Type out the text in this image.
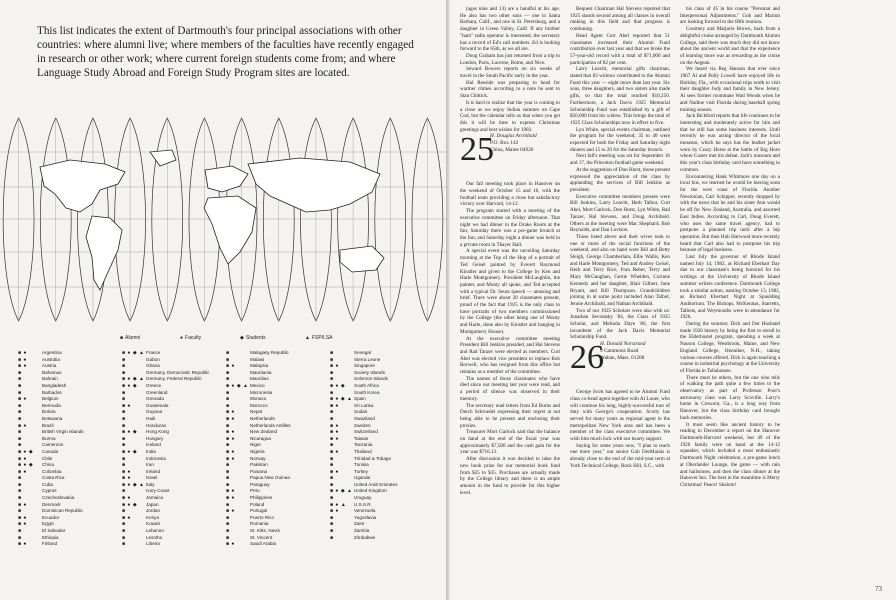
This list indicates the extent of Dartmouth's four principal associations with other countries: where alumni live; where members of the faculties have recently engaged in research or other work; where current foreign students come from; and where Language Study Abroad and Foreign Study Program sites are located.
■ Alumni	● Faculty	◆ Students	▲ FSP/LSA
■ ●	Argentina
■ ●	Australia
■ ●	Austria
■	Bahamas
■	Bahrain
■	Bangladesh
■	Barbados
■ ●	Belgium
■	Bermuda
■	Bolivia
■	Botswana
■ ●	Brazil
■	British Virgin Islands
■	Burma
■	Cameroon
■ ● ◆	Canada
■ ●	Chile
■ ● ◆	China
■ ●	Colombia
■	Costa Rica
■	Cuba
■	Cyprus
■	Czechoslovakia
■ ●	Denmark
■	Dominican Republic
■ ●	Ecuador
■ ●	Egypt
■	El Salvador
■	Ethiopia
■ ●	Finland
■ ● ◆ ▲ France
■	Gabon
■	Ghana
■	Germany, Democratic Republic
■ ● ◆ ▲ Germany, Federal Republic
■ ● ◆	Greece
■	Greenland
■	Grenada
■ ●	Guatemala
■	Guyana
■	Haiti
■	Honduras
■ ● ◆	Hong Kong
■	Hungary
■	Iceland
■ ● ◆	India
■	Indonesia
■	Iran
■ ●	Ireland
■ ●	Israel
■ ● ◆ ▲ Italy
■	Ivory Coast
■ ●	Jamaica
■ ● ◆	Japan
■	Jordan
■ ●	Kenya
■	Kuwait
■	Lebanon
■	Lesotho
■	Liberia
■	Malagasy Republic
■	Malawi
■ ●	Malaysia
■	Mauritania
■	Mauritius
■ ● ◆ ▲ Mexico
■	Micronesia
■	Monaco
■	Morocco
■ ●	Nepal
■ ●	Netherlands
■	Netherlands Antilles
■ ●	New Zealand
■ ●	Nicaragua
■	Niger
■ ●	Nigeria
■ ●	Norway
■	Pakistan
■	Panama
■	Papua New Guinea
■	Paraguay
■ ●	Peru
■ ●	Philippines
■	Poland
■ ●	Portugal
■	Puerto Rico
■	Rumania
■	St. Kitts, Nevis
■	St. Vincent
■ ●	Saudi Arabia
■	Senegal
■	Sierra Leone
■ ●	Singapore
■	Society Islands
■	Solomon Islands
■ ● ◆	South Africa
■	South Korea
■ ● ◆ ▲ Spain
■ ●	Sri Lanka
■	Sudan
■	Swaziland
■ ●	Sweden
■ ●	Switzerland
■ ●	Taiwan
■	Tanzania
■ ●	Thailand
■	Trinidad & Tobago
■	Tunisia
■ ●	Turkey
■	Uganda
■	United Arab Emirates
■ ● ◆ ▲ United Kingdom
■	Uruguay
■ ● ▲	U.S.S.R.
■ ●	Venezuela
■	Yugoslavia
■	Zaire
■	Zambia
■	Zimbabwe

(ages nine and 13) are a handful at his age. He also has two other sons — one in Santa Barbara, Calif., and one in St. Petersburg, and a daughter in Green Valley, Calif. If any brother "ham" radio operator is interested, the secretary has a record of Ed's call numbers. Ed is looking forward to the 65th, as we all are.

Doug Graham has just returned from a trip to London, Paris, Lucerne, Rome, and Nice.

Seward Bowers reports on six weeks of travel in the South Pacific early in the year.

Hal Reeside was preparing to head for warmer climes according to a note he sent to Stan Chittick.

It is hard to realize that the year is coming to a close as we enjoy Indian summer on Cape Cod, but the calendar tells us that when you get this it will be time to express Christmas greetings and best wishes for 1983.

25
H. Douglas Archibald
P.O. Box 142
China, Maine 04926

Our fall meeting took place in Hanover on the weekend of October 15 and 16, with the football team providing a close but satisfactory victory over Harvard, 14-12.

The program started with a meeting of the executive committee on Friday afternoon. That night we had dinner in the Drake Room at the Inn; Saturday there was a pre-game brunch at the Inn; and Saturday night a dinner was held in a private room in Thayer Hall.

A special event was the unveiling Saturday morning at the Top of the Hop of a portrait of Ted Geisel painted by Everett Raymond Kinstler and given to the College by Ken and Harle Montgomery. President McLaughlin, the painter, and Monty all spoke, and Ted accepted with a typical Dr. Seuss speech — amusing and brief. There were about 20 classmates present, proud of the fact that 1925 is the only class to have portraits of two members commissioned by the College (the other being one of Monty and Harle, done also by Kinstler and hanging in Montgomery House).

At the executive committee meeting President Bill Jenkins presided, and Hal Stevens and Rad Tanzer were elected as members. Curt Abel was elected vice president to replace Bob Borwell, who has resigned from this office but remains as a member of the committee.

The names of those classmates who have died since our meeting last year were read, and a period of silence was observed in their memory.

The secretary read letters from Ed Burns and Dutch Schroedel expressing their regret at not being able to be present and enclosing their proxies.

Treasurer Mort Garlock said that the balance on hand at the end of the fiscal year was approximately $7,500 and the cash gain for the year was $716.13.

After discussion it was decided to raise the new book prize for our memorial book fund from $25 to $35. Purchases are actually made by the College library and there is an ample amount in the fund to provide for this higher level.

Bequest Chairman Hal Stevens reported that 1925 stands second among all classes in overall ranking in this field and that progress is continuing.

Head Agent Curt Abel reported that 51 classmates increased their Alumni Fund contribution over last year and that we broke the 57-year-old record with a total of $71,000 and participation of 82 per cent.

Larry Leavitt, memorial gifts chairman, stated that 83 widows contributed to the Alumni Fund this year — eight more than last year. Six sons, three daughters, and two sisters also made gifts, so that the total reached $10,250. Furthermore, a Jack Davis 1925 Memorial Scholarship Fund was established by a gift of $50,000 from his widow. This brings the total of 1925 Class Scholarships now in effect to five.

Lyn White, special events chairman, outlined the program for the weekend; 35 to 40 were expected for both the Friday and Saturday night dinners and 15 to 20 for the Saturday brunch.

Next fall's meeting was set for September 16 and 17, the Princeton football game weekend.

At the suggestion of Don Hurst, those present expressed the appreciation of the class by applauding the services of Bill Jenkins as president.

Executive committee members present were Bill Jenkins, Larry Leavitt, Herb Talbot, Curt Abel, Mort Garlock, Don Hurst, Lyn White, Rad Tanzer, Hal Stevens, and Doug Archibald. Others at the meeting were Mac Shephard, Bob Reynolds, and Dan Lovison.

Those listed above and their wives took in one or more of the social functions of the weekend, and also on hand were Bill and Betty Sleigh, George Chamberlain, Ellie Wallis, Ken and Harle Montgomery, Ted and Audrey Geisel, Herb and Terry Rice, Fran Reber, Terry and Mary McGaughan, Gertie Whelden, Corinne Kennedy and her daughter, Blair Gilbert, June Bryant, and Bill Thompson. Grandchildren joining in at some point included Alan Talbot, Jennie Archibald, and Nathan Archibald.

Two of our 1925 Scholars were also with us: Jonathan Sevransky '84, the Class of 1925 Scholar, and Melinda Daye '86, the first incumbent of the Jack Davis Memorial Scholarship Fund.

26
H. Donald Norstrand
9 Gammons Road
Waban, Mass. 01268

George Scott has agreed to be Alumni Fund class co-head agent together with Al Louer, who will continue his long, highly-successful tour of duty with George's cooperation. Scotty has served for many years as regional agent in the metropolitan New York area and has been a member of the class executive committee. We wish him much luck with our hearty support.

Saying for some years now, "I plan to teach one more year," our senior Gob DesMarais is already close to the end of the mid-year term at York Technical College, Rock Hill, S.C., with

his class of 45 in his course "Personal and Interpersonal Adjustments." Gob and Marion are looking forward to the 60th reunion.

Courtney and Marjorie Brown, back from a delightful cruise arranged by Dartmouth Alumni College, said there was much they did not know about the ancient world and that the experience of learning more was as rewarding as the cruise on the Aegean.

We heard via Reg Hanson that ever since 1967 Al and Polly Lowell have enjoyed life in Holiday, Fla., with occasional trips north to visit their daughter Judy and family in New Jersey. Al sees former roommate Wad Woods when he and Nadine visit Florida during baseball spring training season.

Jack Bickford reports that life continues to be interesting and moderately active for him and that he still has some business interests. Until recently he was acting director of the local museum, which he says has the leather jacket worn by Crazy Horse at the battle of Big Horn where Custer met his defeat. Jack's museum and this year's class birthday card have something in common.

Encountering Hank Whitmore one day on a local bus, we learned he would be leaving soon for the west coast of Florida. Another Newtonian, Carl Schipper, recently dropped by with the news that he and his sister Ann would be off for New Zealand, Australia, and assorted East Indies. According to Carl, Doug Everett, who uses the same travel agency, had to postpone a planned trip until after a hip operation. But then Hub Harwood more recently heard that Carl also had to postpone his trip because of legal business.

Last July the governor of Rhode Island named July 14, 1982, as Richard Eberhart Day due to our classmate's being honored for his writings at the University of Rhode Island summer writers conference. Dartmouth College took a similar action, naming October 13, 1982, as Richard Eberhart Night at Spaulding Auditorium. The Bishops, McKennas, Starretts, Talbots, and Weymouths were in attendance for 1926.

During the summer, Dick and Dot Husband made 1926 history by being the first to enroll in the Elderhostel program, spending a week at Nasson College, Westbrook, Maine, and New England College, Henniker, N.H., taking various courses offered. Dick is again teaching a course in industrial psychology at the University of Florida in Tallahassee.

There must be others, but the one who tells of walking the path quite a few times to the observatory as part of Professor Poor's astronomy class was Larry Scoville. Larry's home in Crescent, Ga., is a long way from Hanover, but the class birthday card brought back memories.

It must seem like ancient history to be reading in December a report on the Hanover Dartmouth-Harvard weekend, but 49 of the 1926 family were on hand at the 14-12 squeaker, which included a most enthusiastic Dartmouth Night celebration, a pre-game lunch at Oberlander Lounge, the game — with rain and hailstones, and then the class dinner at the Hanover Inn. The best in the meantime is Merry Christmas! Peace! Shalom!

73
